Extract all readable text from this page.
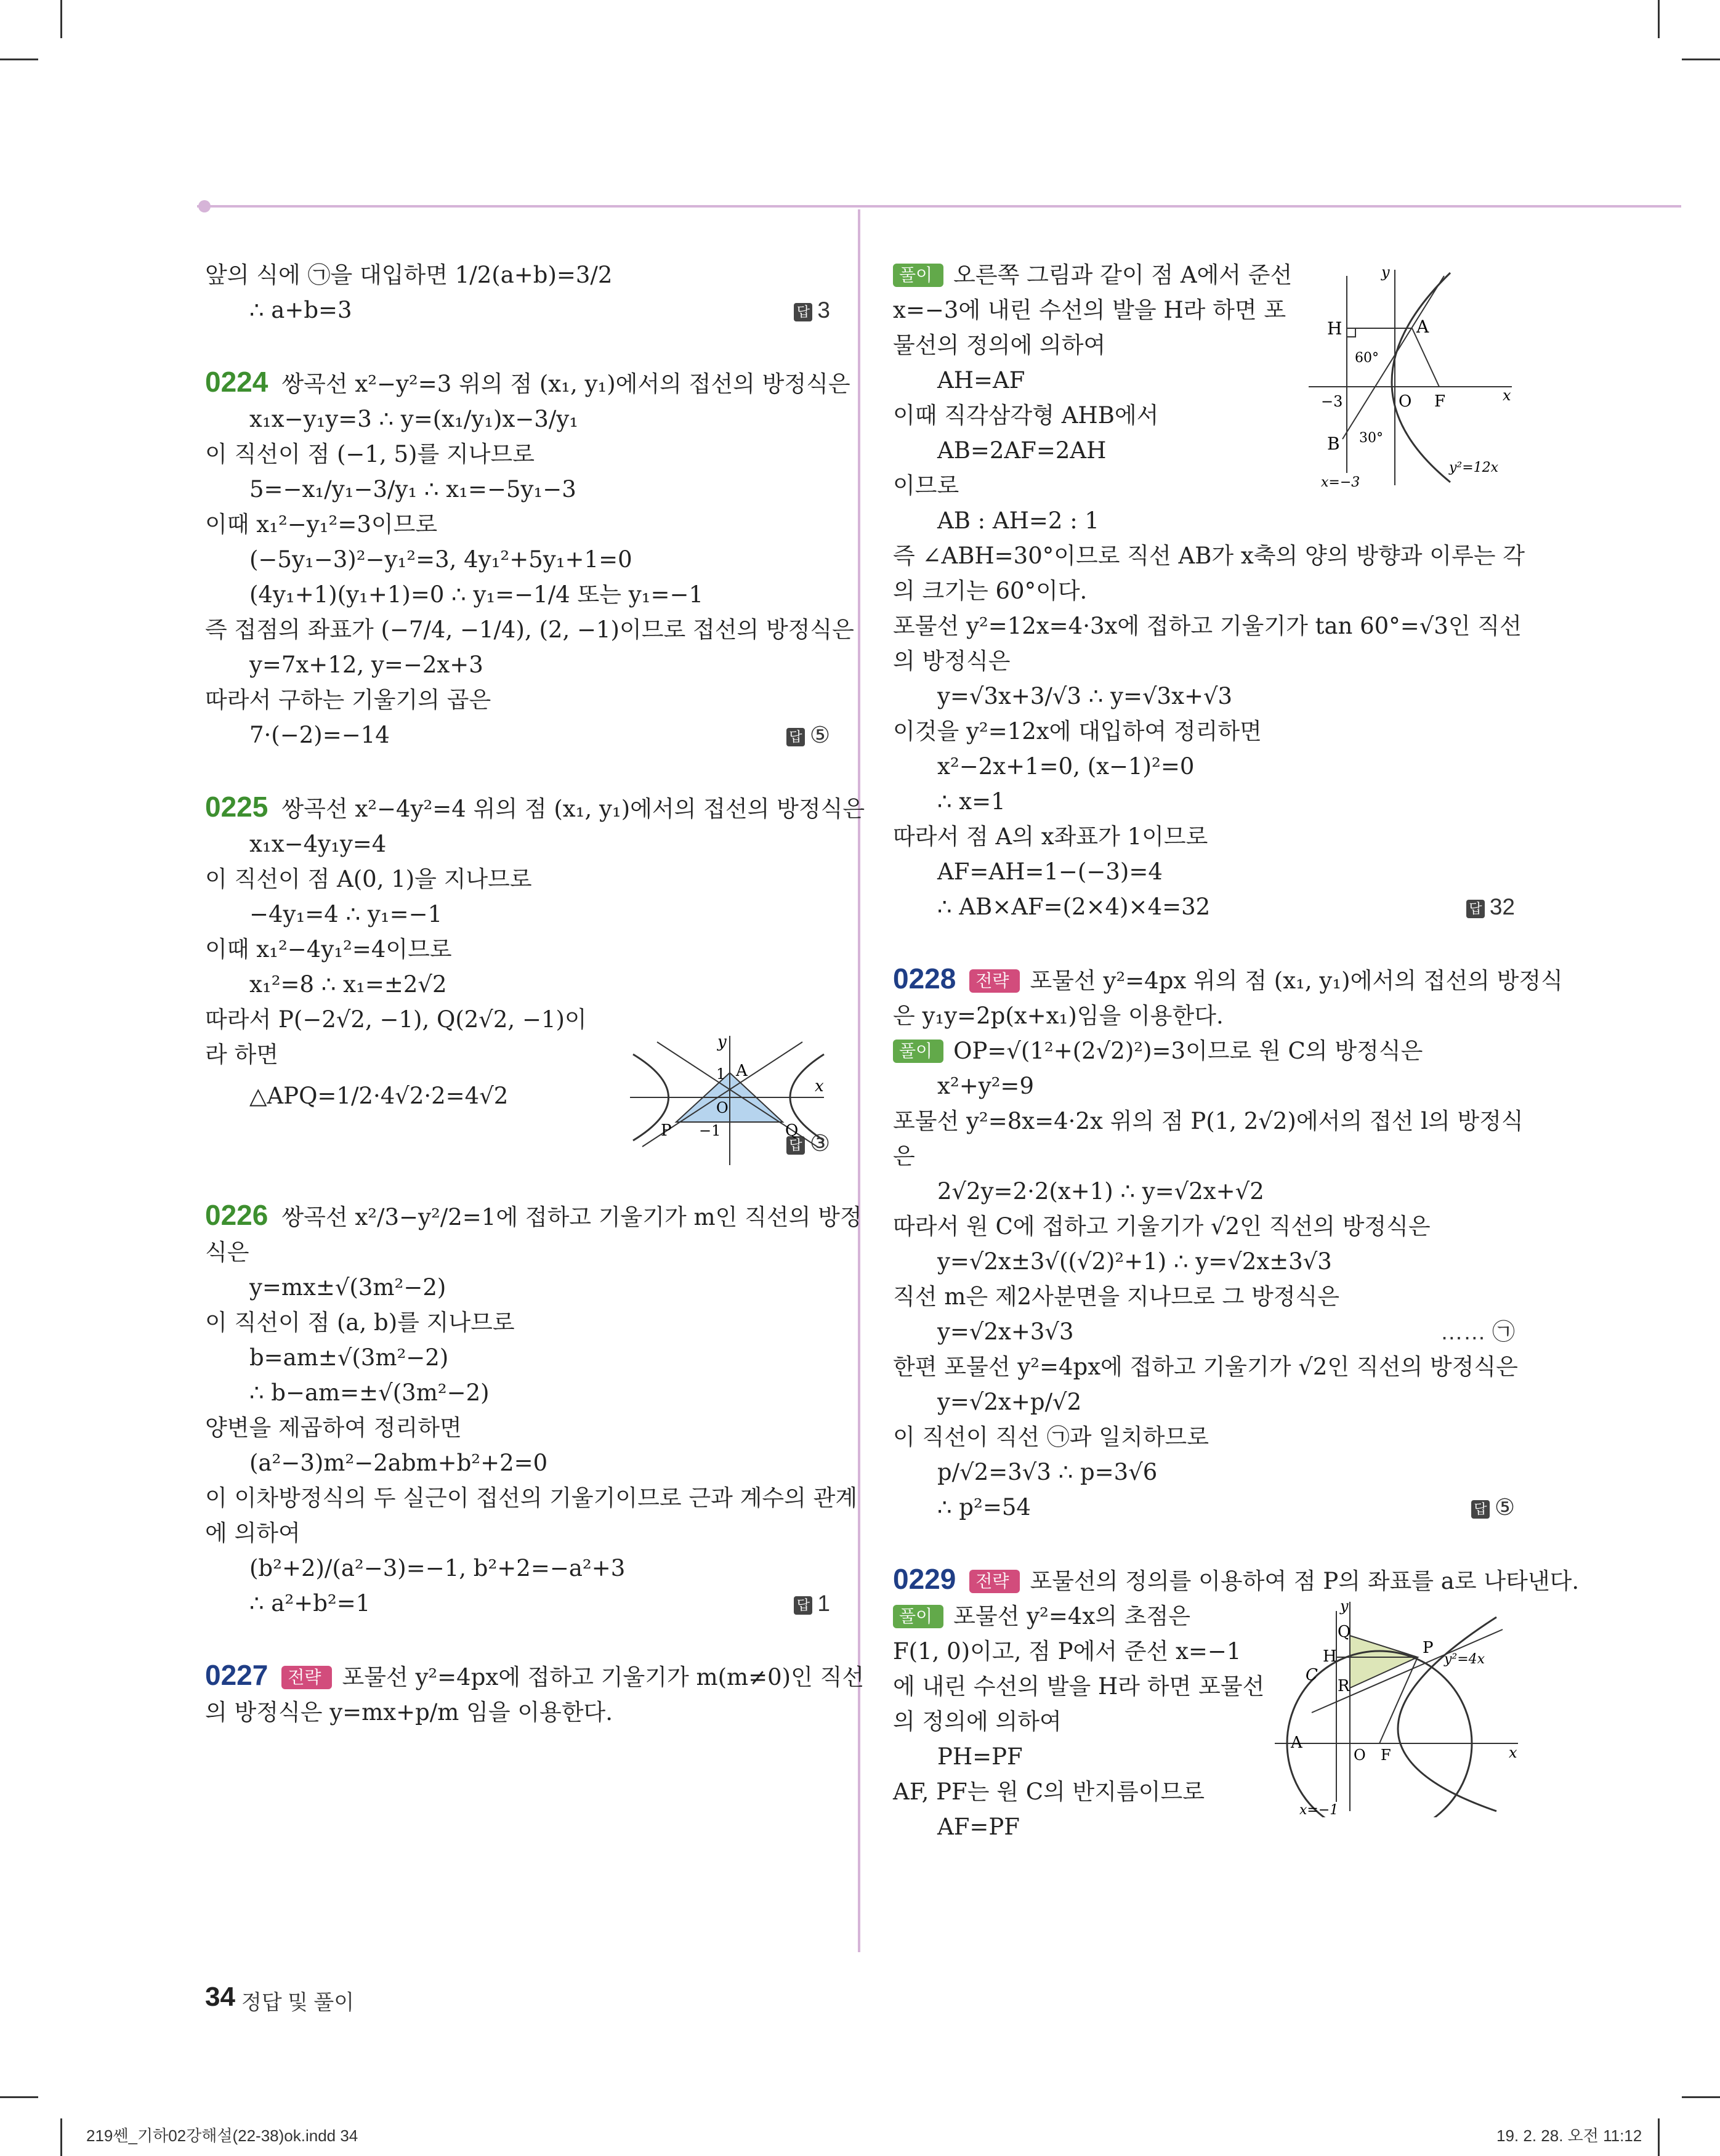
앞의 식에 ㉠을 대입하면 1/2(a+b)=3/2
∴ a+b=3	답 3
0224 쌍곡선 x²−y²=3 위의 점 (x₁, y₁)에서의 접선의 방정식은
x₁x−y₁y=3 ∴ y=(x₁/y₁)x−3/y₁
이 직선이 점 (−1, 5)를 지나므로
5=−x₁/y₁−3/y₁ ∴ x₁=−5y₁−3
이때 x₁²−y₁²=3이므로
(−5y₁−3)²−y₁²=3, 4y₁²+5y₁+1=0
(4y₁+1)(y₁+1)=0 ∴ y₁=−1/4 또는 y₁=−1
즉 접점의 좌표가 (−7/4, −1/4), (2, −1)이므로 접선의 방정식은
y=7x+12, y=−2x+3
따라서 구하는 기울기의 곱은
7·(−2)=−14	답 ⑤
0225 쌍곡선 x²−4y²=4 위의 점 (x₁, y₁)에서의 접선의 방정식은
x₁x−4y₁y=4
이 직선이 점 A(0, 1)을 지나므로
−4y₁=4 ∴ y₁=−1
이때 x₁²−4y₁²=4이므로
x₁²=8 ∴ x₁=±2√2
따라서 P(−2√2, −1), Q(2√2, −1)이
라 하면
△APQ=1/2·4√2·2=4√2
답 ③
y
x
1 A
O
−1
P	Q
0226 쌍곡선 x²/3−y²/2=1에 접하고 기울기가 m인 직선의 방정
식은
y=mx±√(3m²−2)
이 직선이 점 (a, b)를 지나므로
b=am±√(3m²−2)
∴ b−am=±√(3m²−2)
양변을 제곱하여 정리하면
(a²−3)m²−2abm+b²+2=0
이 이차방정식의 두 실근이 접선의 기울기이므로 근과 계수의 관계
에 의하여
(b²+2)/(a²−3)=−1, b²+2=−a²+3
∴ a²+b²=1	답 1
0227 전략 포물선 y²=4px에 접하고 기울기가 m(m≠0)인 직선
의 방정식은 y=mx+p/m 임을 이용한다.
풀이 오른쪽 그림과 같이 점 A에서 준선
x=−3에 내린 수선의 발을 H라 하면 포
물선의 정의에 의하여
AH=AF
이때 직각삼각형 AHB에서
AB=2AF=2AH
이므로
AB : AH=2 : 1
즉 ∠ABH=30°이므로 직선 AB가 x축의 양의 방향과 이루는 각
의 크기는 60°이다.
포물선 y²=12x=4·3x에 접하고 기울기가 tan 60°=√3인 직선
의 방정식은
y=√3x+3/√3 ∴ y=√3x+√3
이것을 y²=12x에 대입하여 정리하면
x²−2x+1=0, (x−1)²=0
∴ x=1
따라서 점 A의 x좌표가 1이므로
AF=AH=1−(−3)=4
∴ AB×AF=(2×4)×4=32	답 32
y
H	A
60°
−3	O F	x
B 30°
y²=12x
x=−3
0228 전략 포물선 y²=4px 위의 점 (x₁, y₁)에서의 접선의 방정식
은 y₁y=2p(x+x₁)임을 이용한다.
풀이 OP=√(1²+(2√2)²)=3이므로 원 C의 방정식은
x²+y²=9
포물선 y²=8x=4·2x 위의 점 P(1, 2√2)에서의 접선 l의 방정식
은
2√2y=2·2(x+1) ∴ y=√2x+√2
따라서 원 C에 접하고 기울기가 √2인 직선의 방정식은
y=√2x±3√((√2)²+1) ∴ y=√2x±3√3
직선 m은 제2사분면을 지나므로 그 방정식은
y=√2x+3√3	…… ㉠
한편 포물선 y²=4px에 접하고 기울기가 √2인 직선의 방정식은
y=√2x+p/√2
이 직선이 직선 ㉠과 일치하므로
p/√2=3√3 ∴ p=3√6
∴ p²=54	답 ⑤
0229 전략 포물선의 정의를 이용하여 점 P의 좌표를 a로 나타낸다.
풀이 포물선 y²=4x의 초점은
F(1, 0)이고, 점 P에서 준선 x=−1
에 내린 수선의 발을 H라 하면 포물선
의 정의에 의하여
PH=PF
AF, PF는 원 C의 반지름이므로
AF=PF
y
Q
H	P
y²=4x
C
R
A
O F	x
x=−1
34 정답 및 풀이
219쎈_기하02강해설(22-38)ok.indd 34	19. 2. 28. 오전 11:12
